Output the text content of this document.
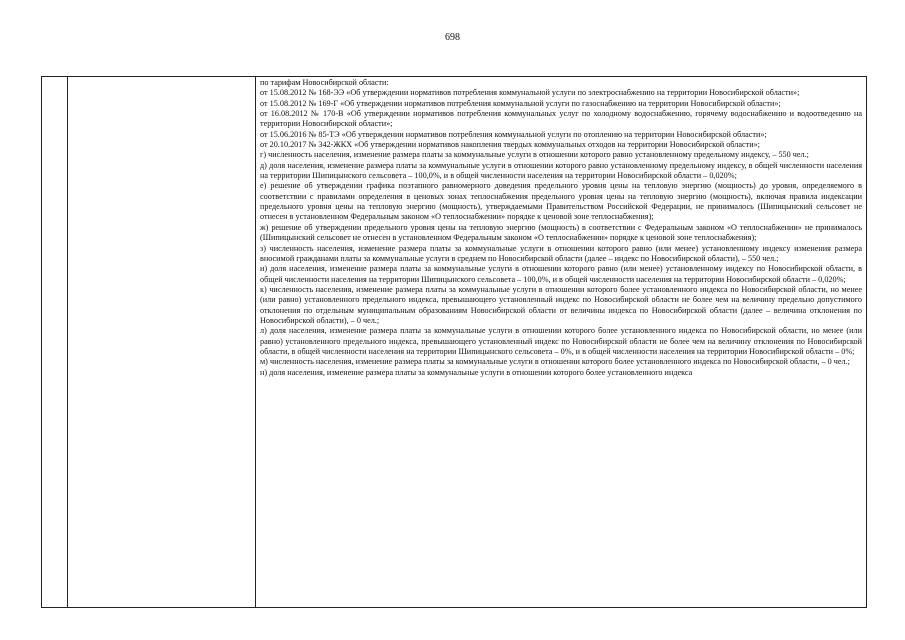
698

по тарифам Новосибирской области:

от 15.08.2012 № 168-ЭЭ «Об утверждении нормативов потребления коммунальной услуги по электроснабжению на территории Новосибирской области»;

от 15.08.2012 № 169-Г «Об утверждении нормативов потребления коммунальной услуги по газоснабжению на территории Новосибирской области»;

от 16.08.2012 № 170-В «Об утверждении нормативов потребления коммунальных услуг по холодному водоснабжению, горячему водоснабжению и водоотведению на территории Новосибирской области»;

от 15.06.2016 № 85-ТЭ «Об утверждении нормативов потребления коммунальной услуги по отоплению на территории Новосибирской области»;

от 20.10.2017 № 342-ЖКХ «Об утверждении нормативов накопления твердых коммунальных отходов на территории Новосибирской области»;

г) численность населения, изменение размера платы за коммунальные услуги в отношении которого равно установленному предельному индексу, – 550 чел.;

д) доля населения, изменение размера платы за коммунальные услуги в отношении которого равно установленному предельному индексу, в общей численности населения на территории Шипицынского сельсовета – 100,0%, и в общей численности населения на территории Новосибирской области – 0,020%;

е) решение об утверждении графика поэтапного равномерного доведения предельного уровня цены на тепловую энергию (мощность) до уровня, определяемого в соответствии с правилами определения в ценовых зонах теплоснабжения предельного уровня цены на тепловую энергию (мощность), включая правила индексации предельного уровня цены на тепловую энергию (мощность), утверждаемыми Правительством Российской Федерации, не принималось (Шипицынский сельсовет не отнесен в установленном Федеральным законом «О теплоснабжении» порядке к ценовой зоне теплоснабжения);

ж) решение об утверждении предельного уровня цены на тепловую энергию (мощность) в соответствии с Федеральным законом «О теплоснабжении» не принималось (Шипицынский сельсовет не отнесен в установленном Федеральным законом «О теплоснабжении» порядке к ценовой зоне теплоснабжения);

з) численность населения, изменение размера платы за коммунальные услуги в отношении которого равно (или менее) установленному индексу изменения размера вносимой гражданами платы за коммунальные услуги в среднем по Новосибирской области (далее – индекс по Новосибирской области), – 550 чел.;

и) доля населения, изменение размера платы за коммунальные услуги в отношении которого равно (или менее) установленному индексу по Новосибирской области, в общей численности населения на территории Шипицынского сельсовета – 100,0%, и в общей численности населения на территории Новосибирской области – 0,020%;

к) численность населения, изменение размера платы за коммунальные услуги в отношении которого более установленного индекса по Новосибирской области, но менее (или равно) установленного предельного индекса, превышающего установленный индекс по Новосибирской области не более чем на величину предельно допустимого отклонения по отдельным муниципальным образованиям Новосибирской области от величины индекса по Новосибирской области (далее – величина отклонения по Новосибирской области), – 0 чел.;

л) доля населения, изменение размера платы за коммунальные услуги в отношении которого более установленного индекса по Новосибирской области, но менее (или равно) установленного предельного индекса, превышающего установленный индекс по Новосибирской области не более чем на величину отклонения по Новосибирской области, в общей численности населения на территории Шипицынского сельсовета – 0%, и в общей численности населения на территории Новосибирской области – 0%;

м) численность населения, изменение размера платы за коммунальные услуги в отношении которого более установленного индекса по Новосибирской области, – 0 чел.;

н) доля населения, изменение размера платы за коммунальные услуги в отношении которого более установленного индекса
